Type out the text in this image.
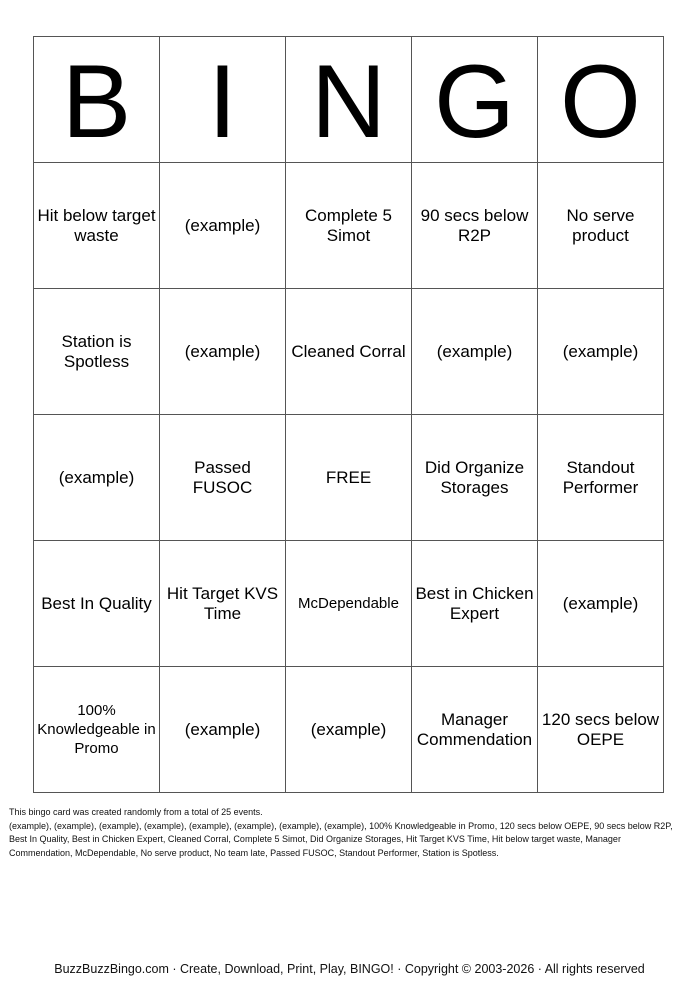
B	I	N	G	O
Hit below target waste	(example)	Complete 5 Simot	90 secs below R2P	No serve product
Station is Spotless	(example)	Cleaned Corral	(example)	(example)
(example)	Passed FUSOC	FREE	Did Organize Storages	Standout Performer
Best In Quality	Hit Target KVS Time	McDependable	Best in Chicken Expert	(example)
100% Knowledgeable in Promo	(example)	(example)	Manager Commendation	120 secs below OEPE

This bingo card was created randomly from a total of 25 events.

(example), (example), (example), (example), (example), (example), (example), (example), 100% Knowledgeable in Promo, 120 secs below OEPE, 90 secs below R2P, Best In Quality, Best in Chicken Expert, Cleaned Corral, Complete 5 Simot, Did Organize Storages, Hit Target KVS Time, Hit below target waste, Manager Commendation, McDependable, No serve product, No team late, Passed FUSOC, Standout Performer, Station is Spotless.

BuzzBuzzBingo.com · Create, Download, Print, Play, BINGO! · Copyright © 2003-2026 · All rights reserved
